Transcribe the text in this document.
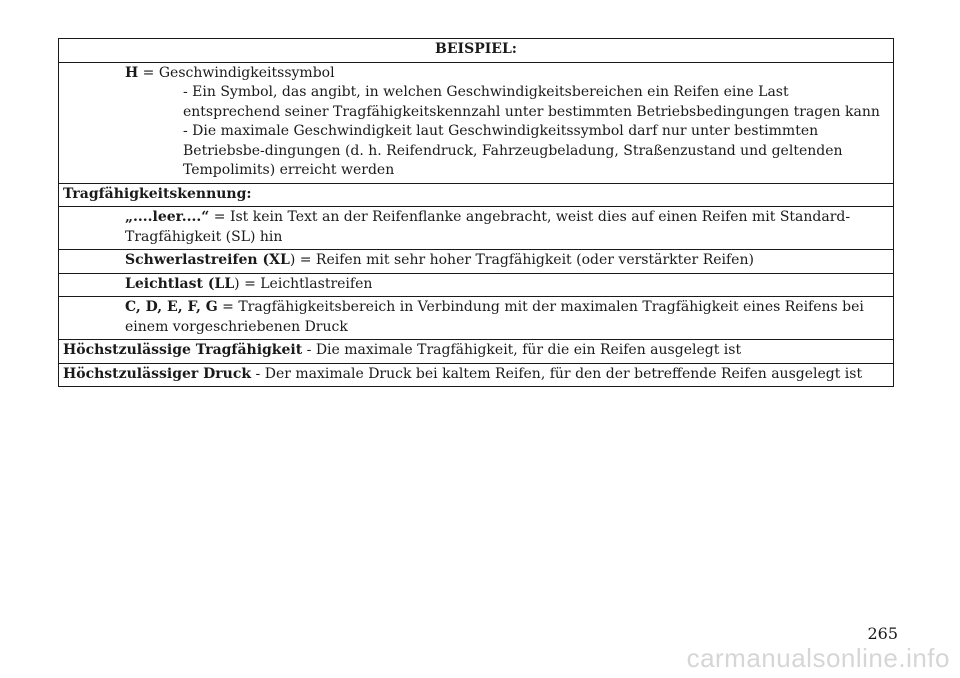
BEISPIEL:
H = Geschwindigkeitssymbol
- Ein Symbol, das angibt, in welchen Geschwindigkeitsbereichen ein Reifen eine Last entsprechend seiner Tragfähigkeitskennzahl unter bestimmten Betriebsbedingungen tragen kann
- Die maximale Geschwindigkeit laut Geschwindigkeitssymbol darf nur unter bestimmten Betriebsbe-dingungen (d. h. Reifendruck, Fahrzeugbeladung, Straßenzustand und geltenden Tempolimits) erreicht werden
Tragfähigkeitskennung:
„....leer....“ = Ist kein Text an der Reifenflanke angebracht, weist dies auf einen Reifen mit Standard-Tragfähigkeit (SL) hin
Schwerlastreifen (XL) = Reifen mit sehr hoher Tragfähigkeit (oder verstärkter Reifen)
Leichtlast (LL) = Leichtlastreifen
C, D, E, F, G = Tragfähigkeitsbereich in Verbindung mit der maximalen Tragfähigkeit eines Reifens bei einem vorgeschriebenen Druck
Höchstzulässige Tragfähigkeit - Die maximale Tragfähigkeit, für die ein Reifen ausgelegt ist
Höchstzulässiger Druck - Der maximale Druck bei kaltem Reifen, für den der betreffende Reifen ausgelegt ist
265
carmanualsonline.info
